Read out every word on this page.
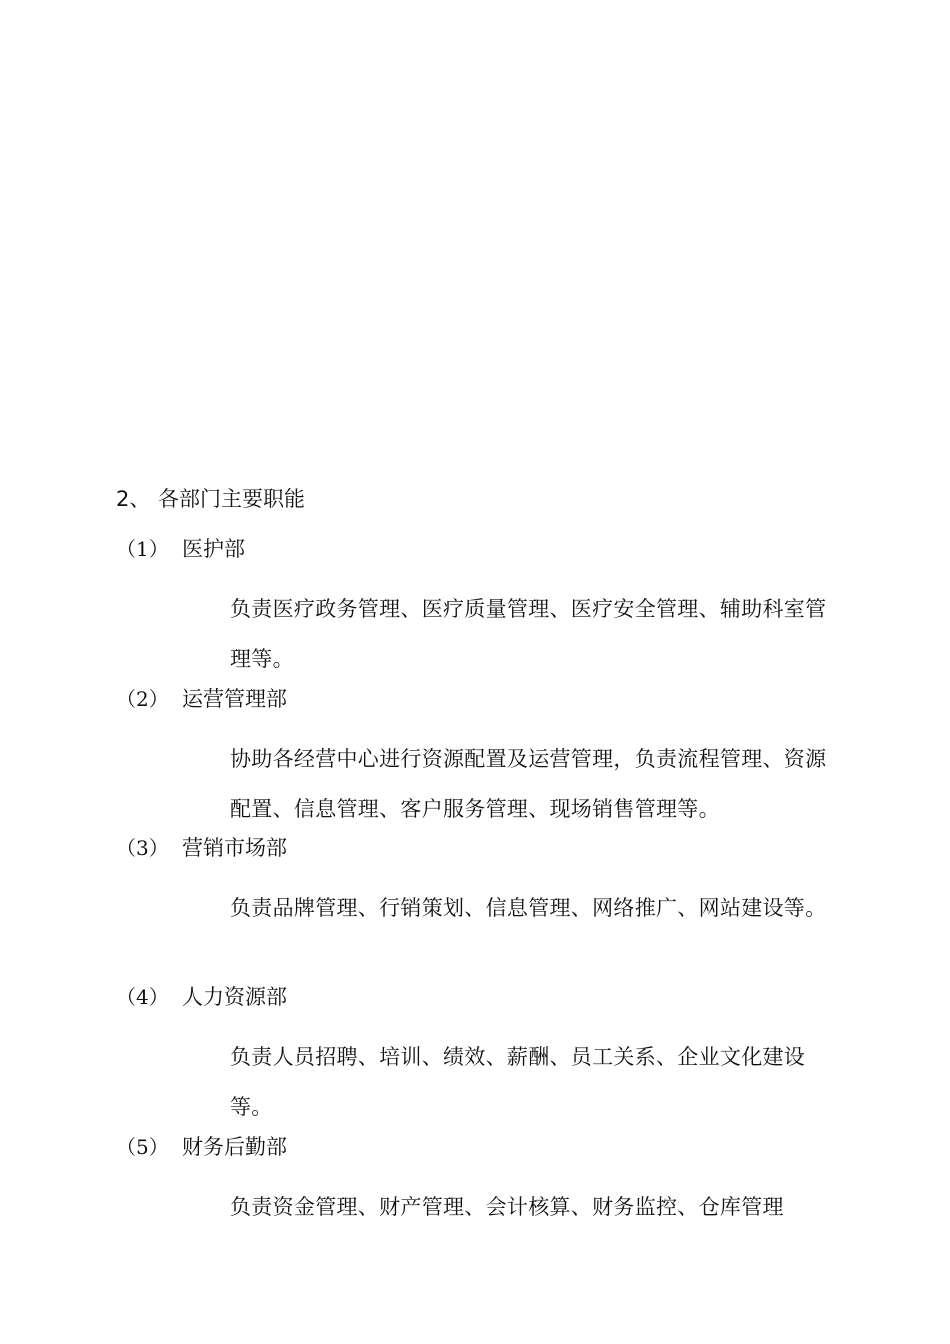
2、 各部门主要职能
（1） 医护部
负责医疗政务管理、医疗质量管理、医疗安全管理、辅助科室管理等。
（2） 运营管理部
协助各经营中心进行资源配置及运营管理，负责流程管理、资源配置、信息管理、客户服务管理、现场销售管理等。
（3） 营销市场部
负责品牌管理、行销策划、信息管理、网络推广、网站建设等。
（4） 人力资源部
负责人员招聘、培训、绩效、薪酬、员工关系、企业文化建设等。
（5） 财务后勤部
负责资金管理、财产管理、会计核算、财务监控、仓库管理
